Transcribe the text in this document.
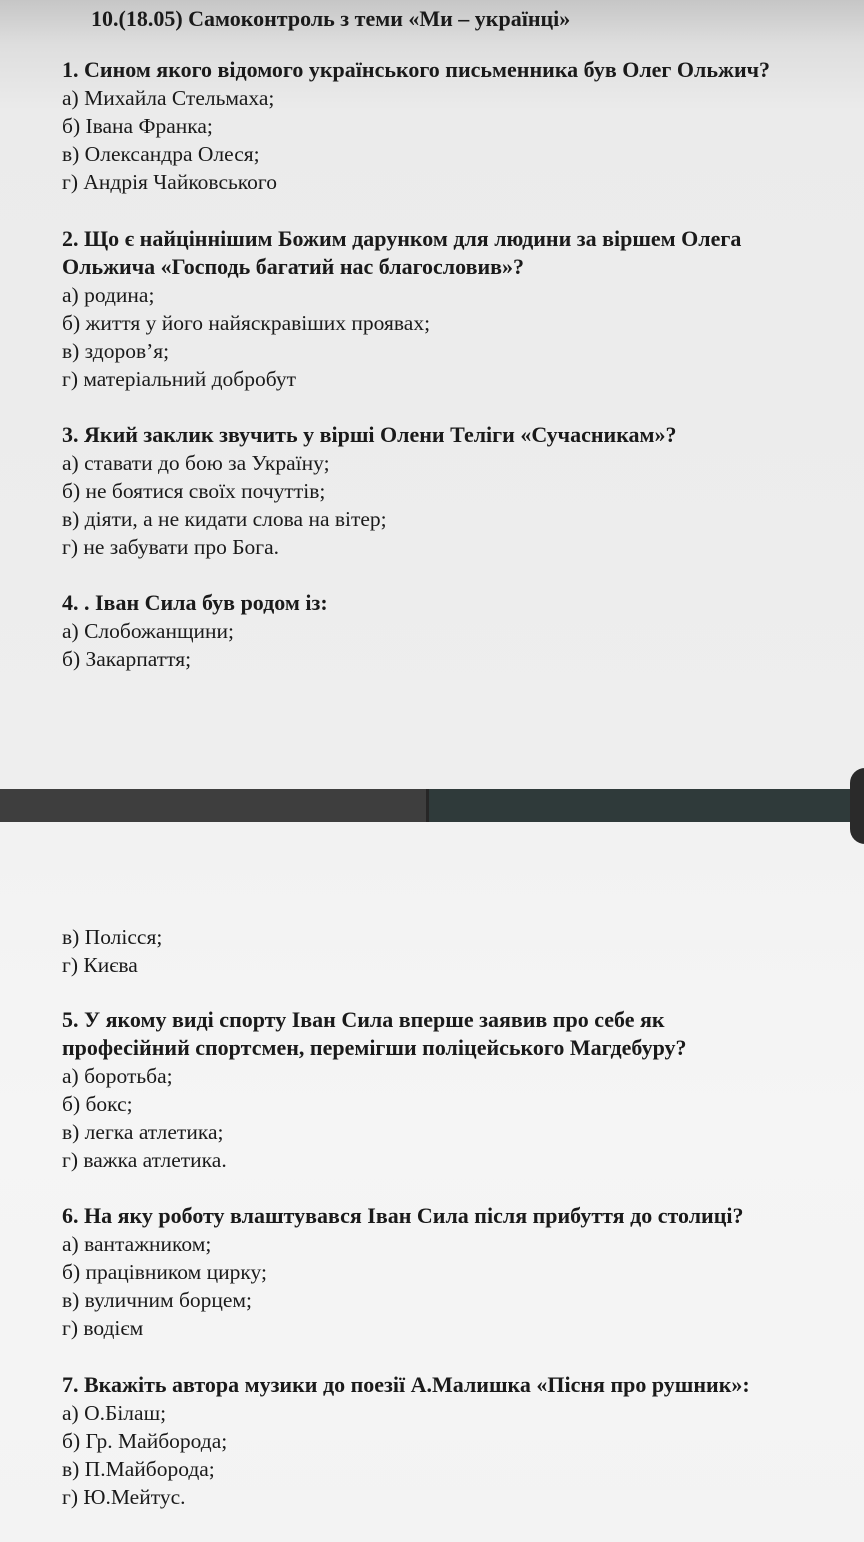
10.(18.05) Самоконтроль з теми «Ми – українці»

1. Сином якого відомого українського письменника був Олег Ольжич?

а) Михайла Стельмаха;

б) Івана Франка;

в) Олександра Олеся;

г) Андрія Чайковського

2. Що є найціннішим Божим дарунком для людини за віршем Олега Ольжича «Господь багатий нас благословив»?

а) родина;

б) життя у його найяскравіших проявах;

в) здоров’я;

г) матеріальний добробут

3. Який заклик звучить у вірші Олени Теліги «Сучасникам»?

а) ставати до бою за Україну;

б) не боятися своїх почуттів;

в) діяти, а не кидати слова на вітер;

г) не забувати про Бога.

4. . Іван Сила був родом із:

а) Слобожанщини;

б) Закарпаття;

в) Полісся;

г) Києва

5. У якому виді спорту Іван Сила вперше заявив про себе як професійний спортсмен, перемігши поліцейського Магдебуру?

а) боротьба;

б) бокс;

в) легка атлетика;

г) важка атлетика.

6. На яку роботу влаштувався Іван Сила після прибуття до столиці?

а) вантажником;

б) працівником цирку;

в) вуличним борцем;

г) водієм

7. Вкажіть автора музики до поезії А.Малишка «Пісня про рушник»:

а) О.Білаш;

б) Гр. Майборода;

в) П.Майборода;

г) Ю.Мейтус.
